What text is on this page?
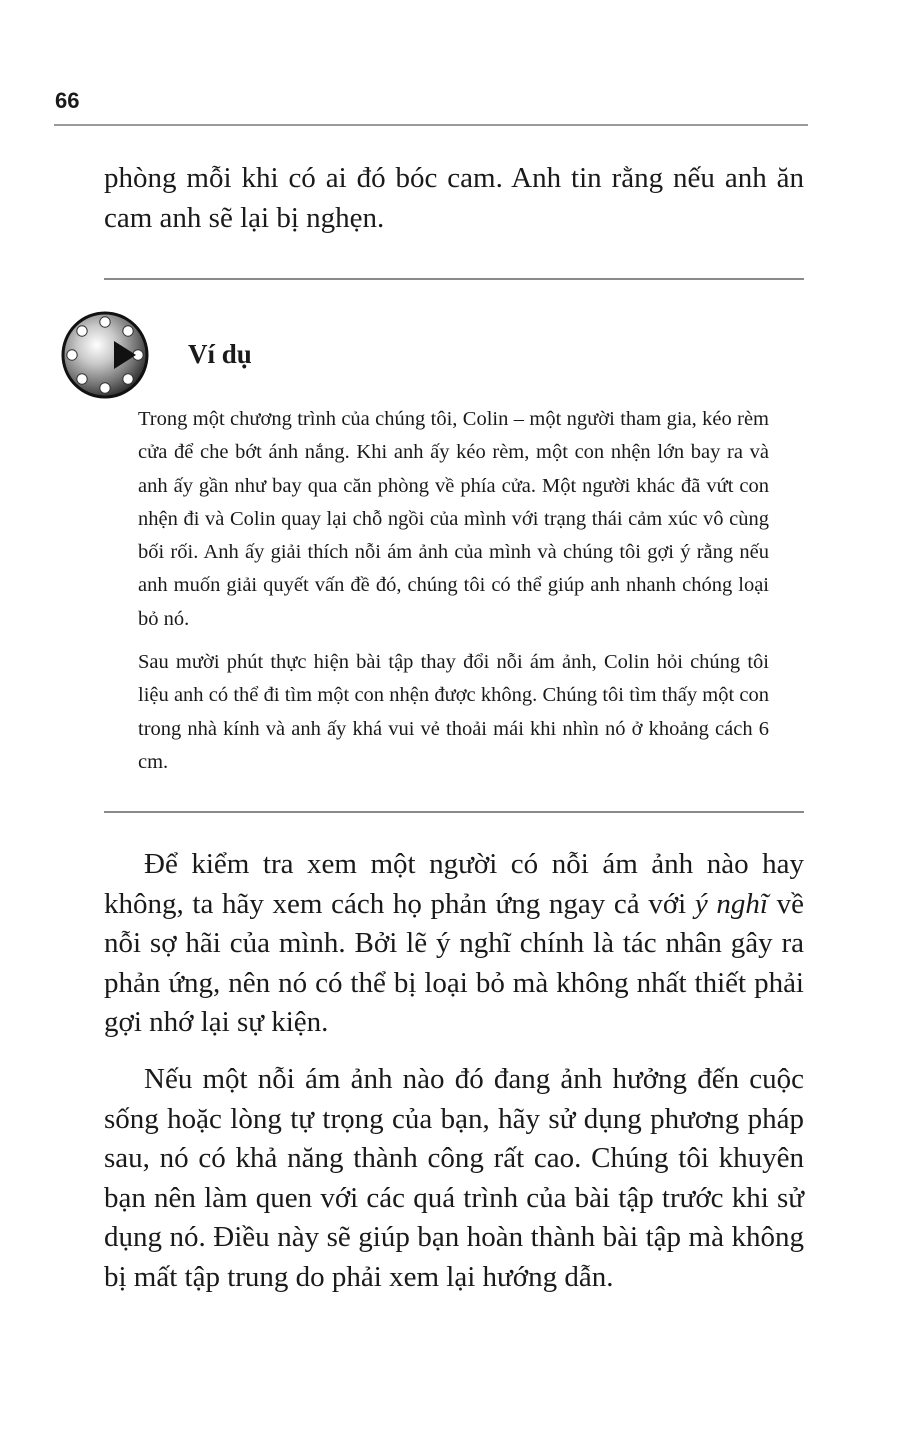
66

phòng mỗi khi có ai đó bóc cam. Anh tin rằng nếu anh ăn cam anh sẽ lại bị nghẹn.

Ví dụ

Trong một chương trình của chúng tôi, Colin – một người tham gia, kéo rèm cửa để che bớt ánh nắng. Khi anh ấy kéo rèm, một con nhện lớn bay ra và anh ấy gần như bay qua căn phòng về phía cửa. Một người khác đã vứt con nhện đi và Colin quay lại chỗ ngồi của mình với trạng thái cảm xúc vô cùng bối rối. Anh ấy giải thích nỗi ám ảnh của mình và chúng tôi gợi ý rằng nếu anh muốn giải quyết vấn đề đó, chúng tôi có thể giúp anh nhanh chóng loại bỏ nó.

Sau mười phút thực hiện bài tập thay đổi nỗi ám ảnh, Colin hỏi chúng tôi liệu anh có thể đi tìm một con nhện được không. Chúng tôi tìm thấy một con trong nhà kính và anh ấy khá vui vẻ thoải mái khi nhìn nó ở khoảng cách 6 cm.

Để kiểm tra xem một người có nỗi ám ảnh nào hay không, ta hãy xem cách họ phản ứng ngay cả với ý nghĩ về nỗi sợ hãi của mình. Bởi lẽ ý nghĩ chính là tác nhân gây ra phản ứng, nên nó có thể bị loại bỏ mà không nhất thiết phải gợi nhớ lại sự kiện.

Nếu một nỗi ám ảnh nào đó đang ảnh hưởng đến cuộc sống hoặc lòng tự trọng của bạn, hãy sử dụng phương pháp sau, nó có khả năng thành công rất cao. Chúng tôi khuyên bạn nên làm quen với các quá trình của bài tập trước khi sử dụng nó. Điều này sẽ giúp bạn hoàn thành bài tập mà không bị mất tập trung do phải xem lại hướng dẫn.
